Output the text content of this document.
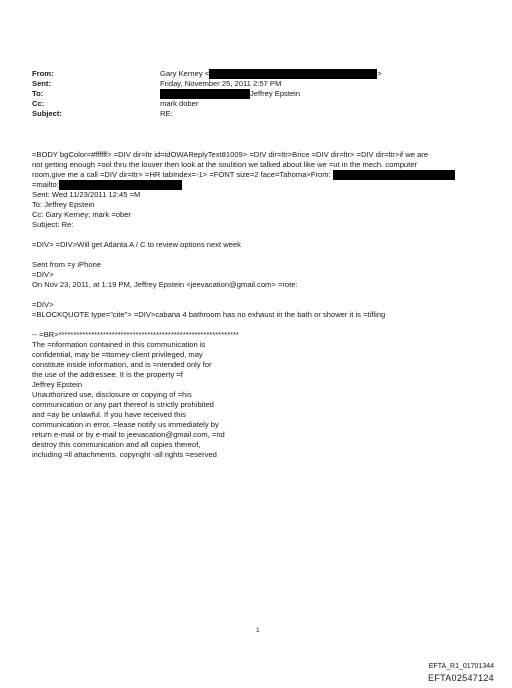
From:	Gary Kerney <	>
Sent:	Friday, November 25, 2011 2:57 PM
To:	Jeffrey Epstein
Cc:	mark dober
Subject:	RE:
=BODY bgColor=#ffffff> =DIV dir=ltr id=idOWAReplyText81009> =DIV dir=ltr>Brice =DIV dir=ltr> =DIV dir=ltr>if we are
not getting enough =ool thru the louver then look at the soulition we talked about like we =ut in the mech. computer
room,give me a call =DIV dir=ltr> =HR tabIndex=-1> =FONT size=2 face=Tahoma>From:
=mailto:
Sent: Wed 11/23/2011 12:45 =M
To: Jeffrey Epstein
Cc: Gary Kerney; mark =ober
Subject: Re:
=DIV> =DIV>Will get Atlanta A / C to review options next week
Sent from =y iPhone
=DIV>
On Nov 23, 2011, at 1:19 PM, Jeffrey Epstein <jeevacation@gmail.com> =rote:
=DIV>
=BLOCKQUOTE type="cite"> =DIV>cabana 4 bathroom has no exhaust in the bath or shower it is =tifling
-- =BR>*************************************************************
The =nformation contained in this communication is
confidential, may be =ttorney-client privileged, may
constitute inside information, and is =ntended only for
the use of the addressee. It is the property =f
Jeffrey Epstein
Unauthorized use, disclosure or copying of =his
communication or any part thereof is strictly prohibited
and =ay be unlawful. If you have received this
communication in error, =lease notify us immediately by
return e-mail or by e-mail to jeevacation@gmail.com, =nd
destroy this communication and all copies thereof,
including =ll attachments. copyright -all rights =eserved
1
EFTA_R1_01701344
EFTA02547124
